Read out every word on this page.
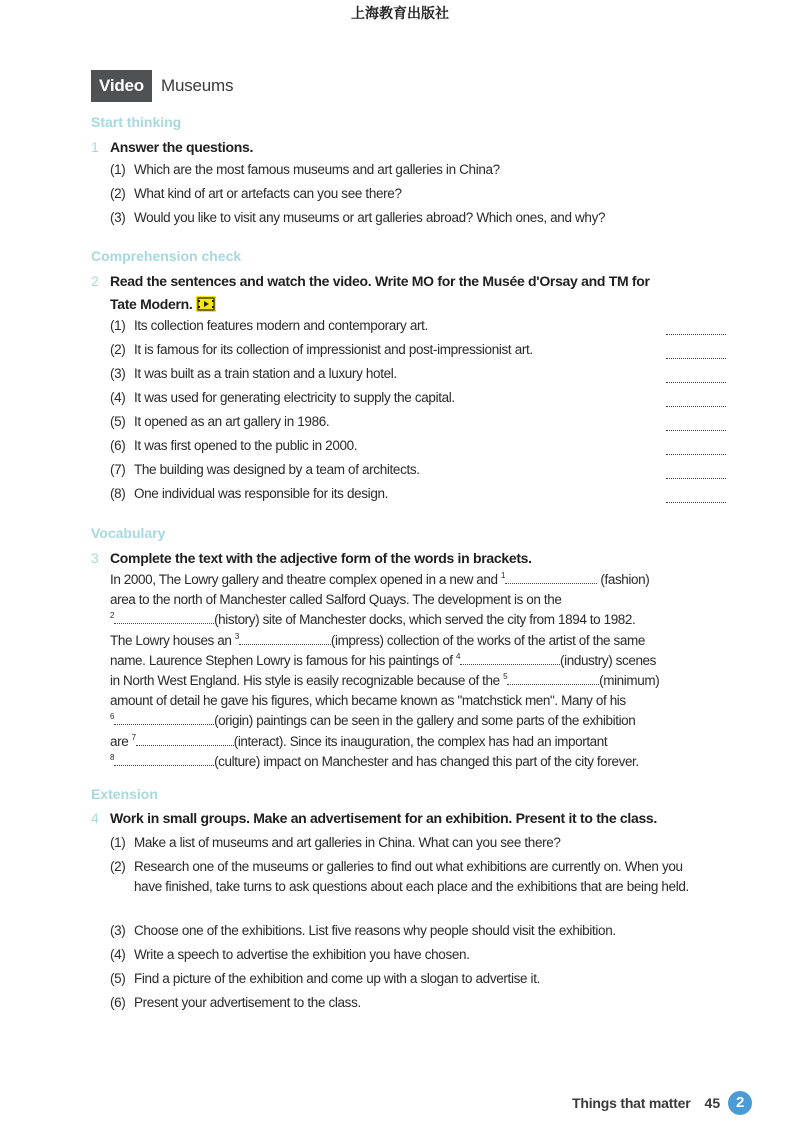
上海教育出版社
Video	Museums
Start thinking
1 Answer the questions.
(1) Which are the most famous museums and art galleries in China?
(2) What kind of art or artefacts can you see there?
(3) Would you like to visit any museums or art galleries abroad? Which ones, and why?
Comprehension check
2 Read the sentences and watch the video. Write MO for the Musée d'Orsay and TM for
Tate Modern.
(1) Its collection features modern and contemporary art.
(2) It is famous for its collection of impressionist and post-impressionist art.
(3) It was built as a train station and a luxury hotel.
(4) It was used for generating electricity to supply the capital.
(5) It opened as an art gallery in 1986.
(6) It was first opened to the public in 2000.
(7) The building was designed by a team of architects.
(8) One individual was responsible for its design.
Vocabulary
3 Complete the text with the adjective form of the words in brackets.
In 2000, The Lowry gallery and theatre complex opened in a new and $^1$	(fashion)
area to the north of Manchester called Salford Quays. The development is on the
$^2$	(history) site of Manchester docks, which served the city from 1894 to 1982.
The Lowry houses an $^3$	(impress) collection of the works of the artist of the same
name. Laurence Stephen Lowry is famous for his paintings of $^4$	(industry) scenes
in North West England. His style is easily recognizable because of the $^5$	(minimum)
amount of detail he gave his figures, which became known as "matchstick men". Many of his
$^6$	(origin) paintings can be seen in the gallery and some parts of the exhibition
are $^7$	(interact). Since its inauguration, the complex has had an important
$^8$	(culture) impact on Manchester and has changed this part of the city forever.
Extension
4 Work in small groups. Make an advertisement for an exhibition. Present it to the class.
(1) Make a list of museums and art galleries in China. What can you see there?
(2) Research one of the museums or galleries to find out what exhibitions are currently on. When you have finished, take turns to ask questions about each place and the exhibitions that are being held.
(3) Choose one of the exhibitions. List five reasons why people should visit the exhibition.
(4) Write a speech to advertise the exhibition you have chosen.
(5) Find a picture of the exhibition and come up with a slogan to advertise it.
(6) Present your advertisement to the class.
Things that matter 45	2
